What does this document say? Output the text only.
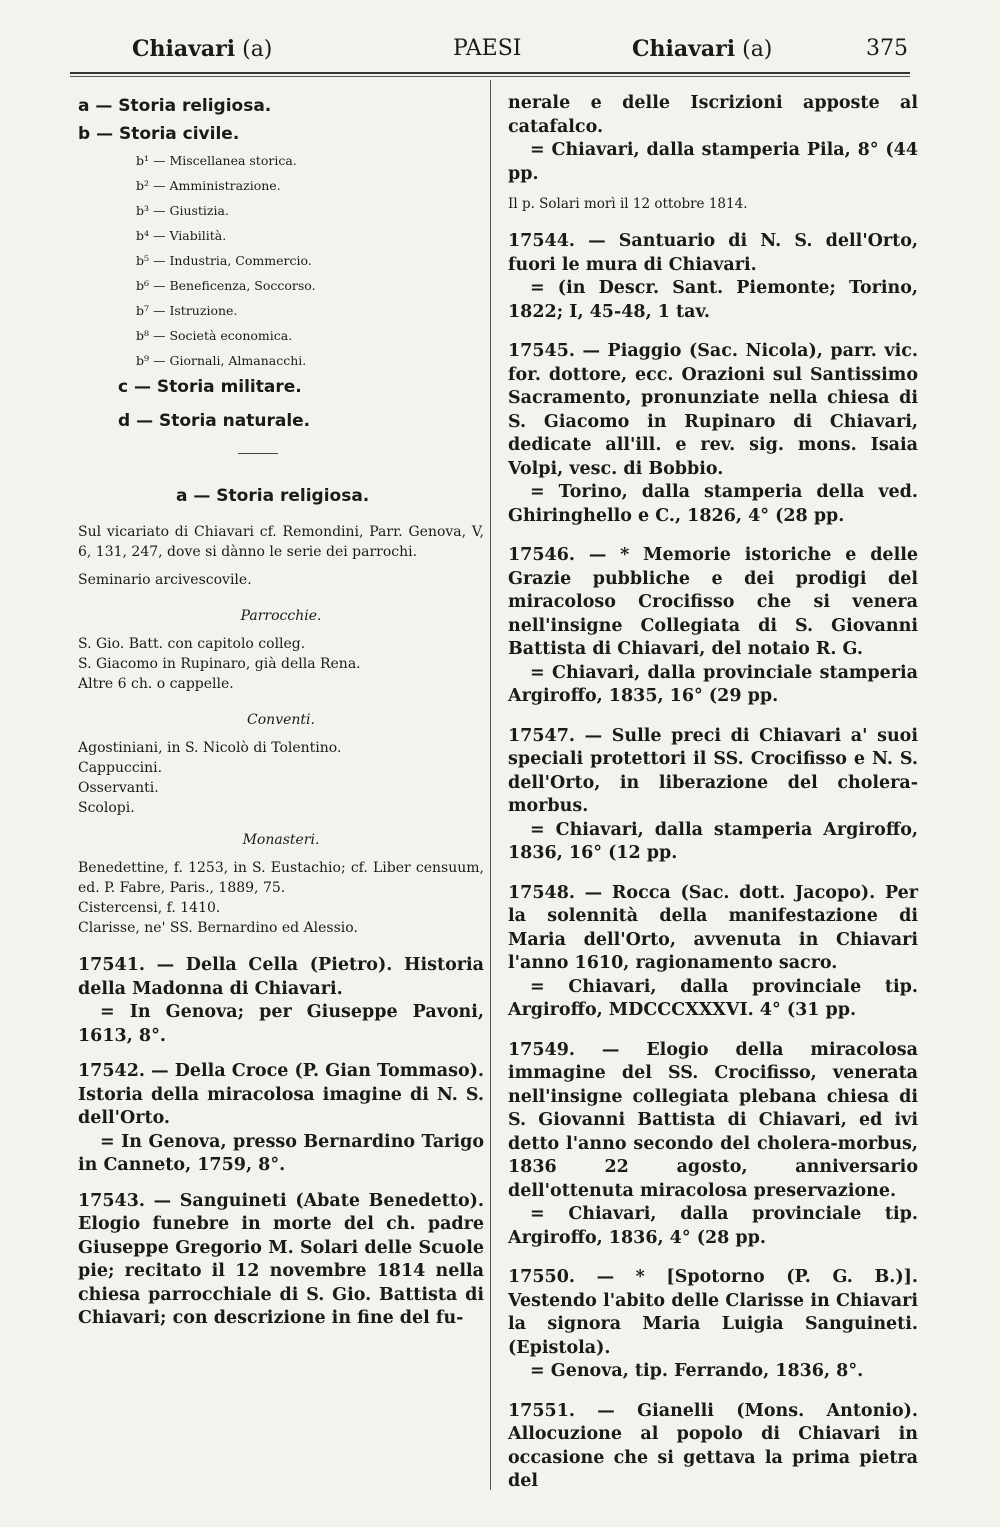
Chiavari (a)	PAESI	Chiavari (a)	375
a — Storia religiosa.
b — Storia civile.
b¹ — Miscellanea storica.
b² — Amministrazione.
b³ — Giustizia.
b⁴ — Viabilità.
b⁵ — Industria, Commercio.
b⁶ — Beneficenza, Soccorso.
b⁷ — Istruzione.
b⁸ — Società economica.
b⁹ — Giornali, Almanacchi.
c — Storia militare.
d — Storia naturale.
a — Storia religiosa.
Sul vicariato di Chiavari cf. Remondini, Parr. Genova, V, 6, 131, 247, dove si dànno le serie dei parrochi.
Seminario arcivescovile.
Parrocchie.
S. Gio. Batt. con capitolo colleg.
S. Giacomo in Rupinaro, già della Rena.
Altre 6 ch. o cappelle.
Conventi.
Agostiniani, in S. Nicolò di Tolentino.
Cappuccini.
Osservanti.
Scolopi.
Monasteri.
Benedettine, f. 1253, in S. Eustachio; cf. Liber censuum, ed. P. Fabre, Paris., 1889, 75.
Cistercensi, f. 1410.
Clarisse, ne' SS. Bernardino ed Alessio.
17541. — Della Cella (Pietro). Historia della Madonna di Chiavari.
= In Genova; per Giuseppe Pavoni, 1613, 8°.
17542. — Della Croce (P. Gian Tommaso). Istoria della miracolosa imagine di N. S. dell'Orto.
= In Genova, presso Bernardino Tarigo in Canneto, 1759, 8°.
17543. — Sanguineti (Abate Benedetto). Elogio funebre in morte del ch. padre Giuseppe Gregorio M. Solari delle Scuole pie; recitato il 12 novembre 1814 nella chiesa parrocchiale di S. Gio. Battista di Chiavari; con descrizione in fine del fu-
nerale e delle Iscrizioni apposte al catafalco.
= Chiavari, dalla stamperia Pila, 8° (44 pp.
Il p. Solari morì il 12 ottobre 1814.
17544. — Santuario di N. S. dell'Orto, fuori le mura di Chiavari.
= (in Descr. Sant. Piemonte; Torino, 1822; I, 45-48, 1 tav.
17545. — Piaggio (Sac. Nicola), parr. vic. for. dottore, ecc. Orazioni sul Santissimo Sacramento, pronunziate nella chiesa di S. Giacomo in Rupinaro di Chiavari, dedicate all'ill. e rev. sig. mons. Isaia Volpi, vesc. di Bobbio.
= Torino, dalla stamperia della ved. Ghiringhello e C., 1826, 4° (28 pp.
17546. — * Memorie istoriche e delle Grazie pubbliche e dei prodigi del miracoloso Crocifisso che si venera nell'insigne Collegiata di S. Giovanni Battista di Chiavari, del notaio R. G.
= Chiavari, dalla provinciale stamperia Argiroffo, 1835, 16° (29 pp.
17547. — Sulle preci di Chiavari a' suoi speciali protettori il SS. Crocifisso e N. S. dell'Orto, in liberazione del cholera-morbus.
= Chiavari, dalla stamperia Argiroffo, 1836, 16° (12 pp.
17548. — Rocca (Sac. dott. Jacopo). Per la solennità della manifestazione di Maria dell'Orto, avvenuta in Chiavari l'anno 1610, ragionamento sacro.
= Chiavari, dalla provinciale tip. Argiroffo, MDCCCXXXVI. 4° (31 pp.
17549. — Elogio della miracolosa immagine del SS. Crocifisso, venerata nell'insigne collegiata plebana chiesa di S. Giovanni Battista di Chiavari, ed ivi detto l'anno secondo del cholera-morbus, 1836 22 agosto, anniversario dell'ottenuta miracolosa preservazione.
= Chiavari, dalla provinciale tip. Argiroffo, 1836, 4° (28 pp.
17550. — * [Spotorno (P. G. B.)]. Vestendo l'abito delle Clarisse in Chiavari la signora Maria Luigia Sanguineti. (Epistola).
= Genova, tip. Ferrando, 1836, 8°.
17551. — Gianelli (Mons. Antonio). Allocuzione al popolo di Chiavari in occasione che si gettava la prima pietra del
